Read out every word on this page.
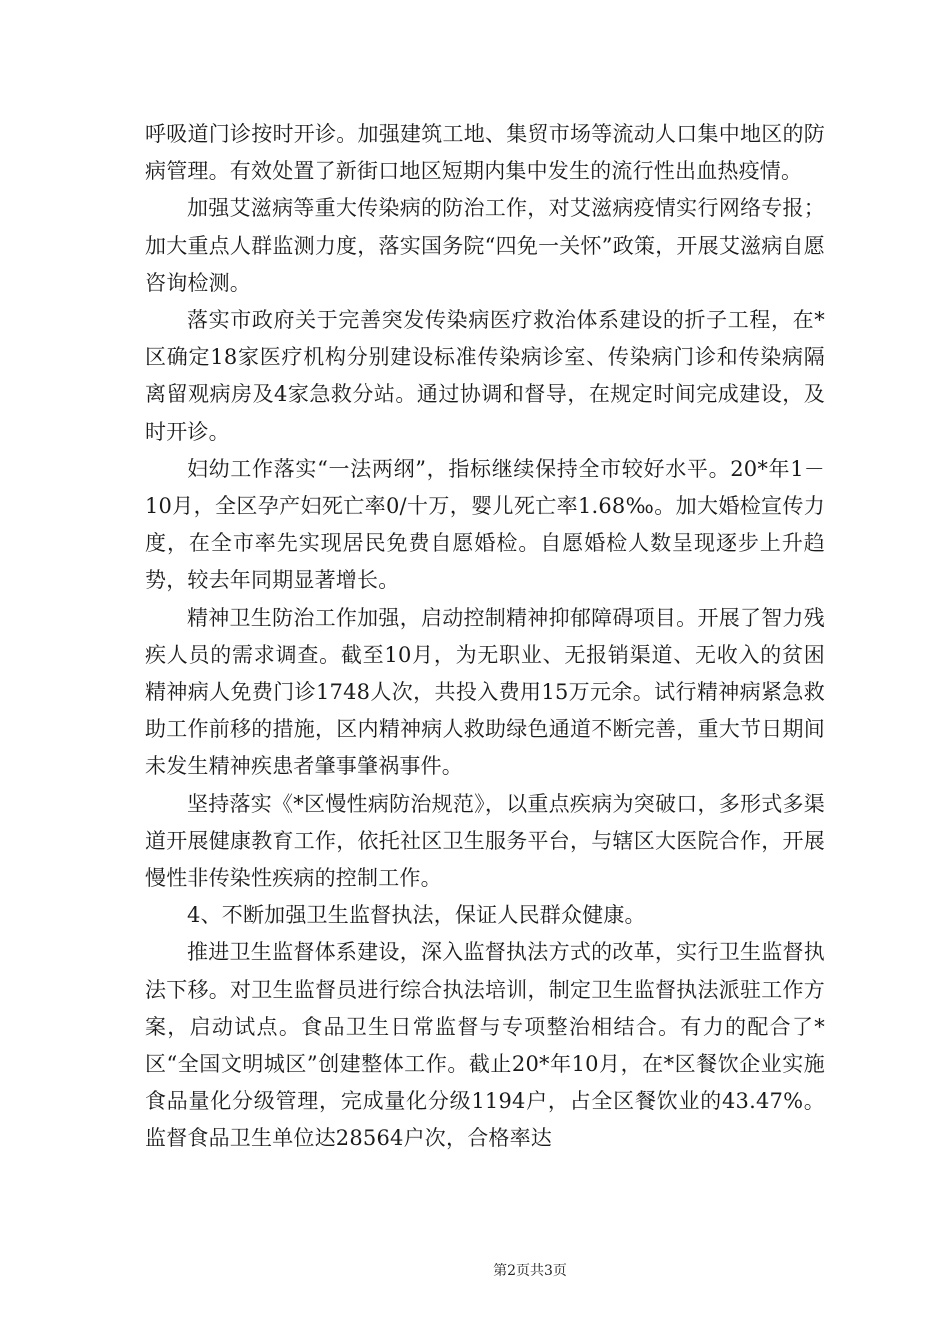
呼吸道门诊按时开诊。加强建筑工地、集贸市场等流动人口集中地区的防病管理。有效处置了新街口地区短期内集中发生的流行性出血热疫情。

加强艾滋病等重大传染病的防治工作，对艾滋病疫情实行网络专报；加大重点人群监测力度，落实国务院“四免一关怀”政策，开展艾滋病自愿咨询检测。

落实市政府关于完善突发传染病医疗救治体系建设的折子工程，在*区确定18家医疗机构分别建设标准传染病诊室、传染病门诊和传染病隔离留观病房及4家急救分站。通过协调和督导，在规定时间完成建设，及时开诊。

妇幼工作落实“一法两纲”，指标继续保持全市较好水平。20*年1－10月，全区孕产妇死亡率0/十万，婴儿死亡率1.68‰。加大婚检宣传力度，在全市率先实现居民免费自愿婚检。自愿婚检人数呈现逐步上升趋势，较去年同期显著增长。

精神卫生防治工作加强，启动控制精神抑郁障碍项目。开展了智力残疾人员的需求调查。截至10月，为无职业、无报销渠道、无收入的贫困精神病人免费门诊1748人次，共投入费用15万元余。试行精神病紧急救助工作前移的措施，区内精神病人救助绿色通道不断完善，重大节日期间未发生精神疾患者肇事肇祸事件。

坚持落实《*区慢性病防治规范》，以重点疾病为突破口，多形式多渠道开展健康教育工作，依托社区卫生服务平台，与辖区大医院合作，开展慢性非传染性疾病的控制工作。

4、不断加强卫生监督执法，保证人民群众健康。

推进卫生监督体系建设，深入监督执法方式的改革，实行卫生监督执法下移。对卫生监督员进行综合执法培训，制定卫生监督执法派驻工作方案，启动试点。食品卫生日常监督与专项整治相结合。有力的配合了*区“全国文明城区”创建整体工作。截止20*年10月，在*区餐饮企业实施食品量化分级管理，完成量化分级1194户，占全区餐饮业的43.47%。监督食品卫生单位达28564户次，合格率达

第2页共3页
